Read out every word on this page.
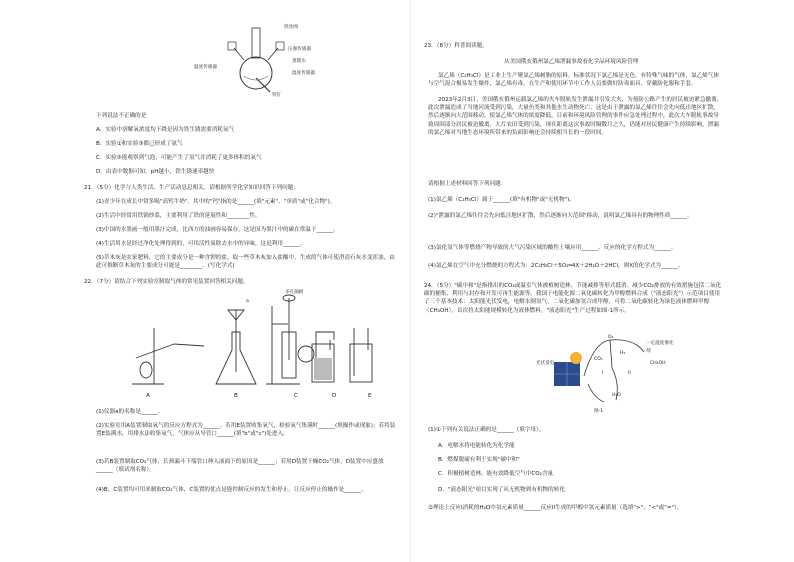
铁丝网
压强传感器
蒸馏水
湿度传感器
温度传感器
铁钉
下列说法不正确的是
A．实验中溶解氧浓度均下降是因为铁生锈需要消耗氧气
B．实验①和实验③都已形成了氨气
C．实验③能观察到气泡，可能产生了氢气并消耗了更多体积的氧气
D．由表中数据可知，pH越小，铁生锈速率越快
21．（5分）化学与人类生活、生产活动息息相关。请根据所学化学知识回答下列问题：
(1)青少年在成长中常多喝"高钙牛奶"，其中的"钙"指的是______(填"元素"、"单质"或"化合物")。
(2)生活中经常用铁锅炒菜，主要利用了铁的延展性和________性。
(3)中国的水墨画一般用墨汁完成，比西方的油画容易保存，这是因为墨汁中的碳在常温下______。
(4)生活用水是经过净化处理得到的，可用活性炭除去水中的异味，这是利用______。
(5)草木灰是农家肥料，它的主要成分是一种含钾的盐。取一些草木灰加入盐酸中，生成的气体可使澄清石灰水变浑浊，由此可推断草木灰的主要成分可能是________。(写化学式)
22．（7分）请结合下列实验室制取气体的常见装置回答相关问题。
多孔隔板
a
A	B	C	D	E
(1)仪器a的名称是______。
(2)实验室用A装置制取氧气的反应方程式为______。若用E装置收集氧气，检验氧气集满时______(填操作或现象)；若将装置E装满水，用排水法收集氧气，气体应从导管口______(填"b"或"c")处进入。
(3)若B装置制取CO₂气体，长颈漏斗下端管口伸入液面下的原因是______；若用D装置干燥CO₂气体，D装置中应盛放______（填试剂名称）。
(4)B、C装置均可用来制取CO₂气体，C装置的优点是能控制反应的发生和停止，让反应停止的操作是______。
23．（8分）科普阅读题。
从美国俄亥俄州氯乙烯泄漏事故看化学品环境风险管理
氯乙烯（C₂H₃Cl）是工业上生产聚氯乙烯树脂的原料。标准状况下氯乙烯是无色，有特殊气味的气体，氯乙烯气体与空气混合极易发生爆炸，氯乙烯有毒，在生产和使用环节中工作人员要做好防毒面具、穿戴防化服和手套。
2023年2月3日，美国俄亥俄州运载氯乙烯的火车脱轨发生泄漏并引发大火，为预防公路产生的居民被迫紧急撤离，此次泄漏造成了当地河流受到污染，大量鱼类和其他水生动物死亡。这是由于泄露的氯乙烯往往会先向低洼地区扩散，然后逐渐向大范围移动，使氯乙烯气体的浓度降低，目前和环境风险管理的事件应急处理过程中，此次大车脱轨事故导致周围部分居民被迫撤离，大片农田受到污染，现在距离这次事故时隔数月之久，仍能对居民健康产生持续影响，泄漏的氯乙烯对当地生态环境所带来的负面影响还会持续相当长的一段时间。
请根据上述材料回答下列问题：
(1)氯乙烯（C₂H₃Cl）属于______(填"有机物"或"无机物")。
(2)"泄露的氯乙烯往往会先向低洼地区扩散，然后逐渐向大范围"移动，说明氯乙烯具有的物理性质______。
(3)氯化氢气体等燃烧产物导致的大气污染区域的酸性土壤应用______。反应的化学方程式为______。
(4)氯乙烯在空气中充分燃烧的方程式为：2C₂H₃Cl＋5O₂═4X＋2H₂O＋2HCl，则X的化学式为______。
24．（5分）"碳中和"是指排出的CO₂或温室气体被植树造林、节能减排等形式抵消。减少CO₂排放的有效措施包括二氧化碳的捕集、利用与封存和开发可再生能源等。我国于电能化源二氧化碳转化为甲醇燃料合成（"液态阳光"）示范项目使用了三个基本技术：太阳能光伏发电，电解水制氢气，二氧化碳加氢合成甲醇，可将二氧化碳转化为绿色液体燃料甲醇（CH₃OH），首次将太阳能规模转化为液体燃料。"液态阳光"生产过程如图-1所示。
光伏发电
O₂
H₂
CO₂
一定温度催化剂
CH₃OH
H₂O
I	II
图-1
(1)①下列有关说法正确的是______（填字母）。
A．电解水将电能转化为化学能
B．燃煤脱硫有利于实现"碳中和"
C．积极植树造林，能有效降低空气中CO₂含量
D．"液态阳光"项目实现了从无机物到有机物的转化
②理论上反应I消耗的H₂O中氢元素质量______反应II生成的甲醇中氢元素质量（选填">"、"<"或"="）。
